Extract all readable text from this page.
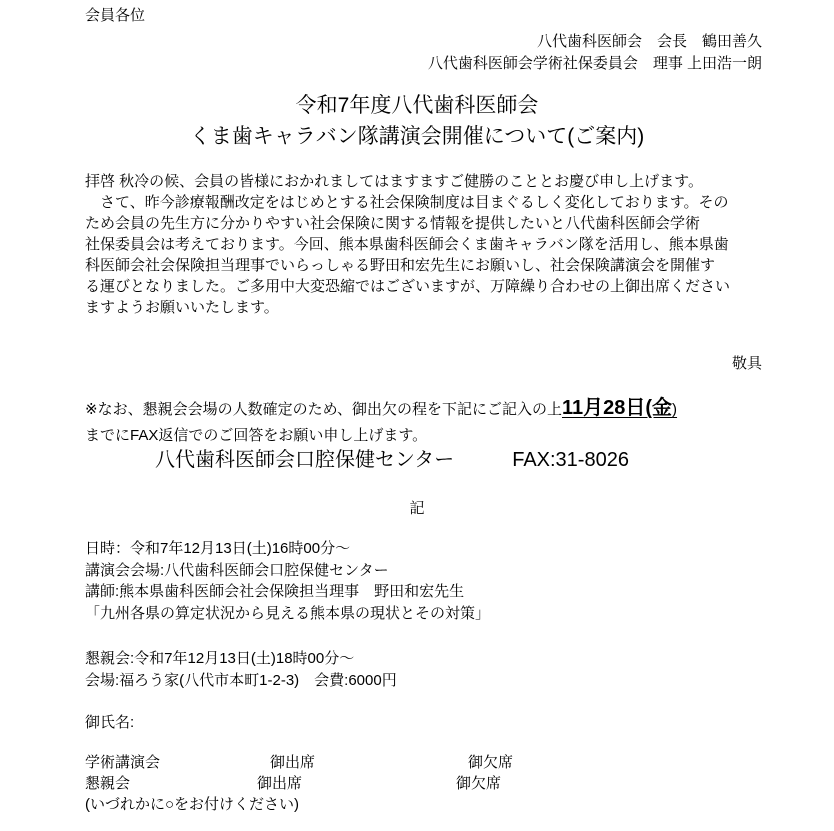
会員各位
八代歯科医師会　会長　鶴田善久
八代歯科医師会学術社保委員会　理事 上田浩一朗
令和7年度八代歯科医師会
くま歯キャラバン隊講演会開催について(ご案内)
拝啓 秋冷の候、会員の皆様におかれましてはますますご健勝のこととお慶び申し上げます。
　さて、昨今診療報酬改定をはじめとする社会保険制度は目まぐるしく変化しております。その
ため会員の先生方に分かりやすい社会保険に関する情報を提供したいと八代歯科医師会学術
社保委員会は考えております。今回、熊本県歯科医師会くま歯キャラバン隊を活用し、熊本県歯
科医師会社会保険担当理事でいらっしゃる野田和宏先生にお願いし、社会保険講演会を開催す
る運びとなりました。ご多用中大変恐縮ではございますが、万障繰り合わせの上御出席ください
ますようお願いいたします。
敬具
※なお、懇親会会場の人数確定のため、御出欠の程を下記にご記入の上11月28日(金)
までにFAX返信でのご回答をお願い申し上げます。
八代歯科医師会口腔保健センター	FAX:31-8026
記
日時：令和7年12月13日(土)16時00分～
講演会会場:八代歯科医師会口腔保健センター
講師:熊本県歯科医師会社会保険担当理事　野田和宏先生
「九州各県の算定状況から見える熊本県の現状とその対策」
懇親会:令和7年12月13日(土)18時00分～
会場:福ろう家(八代市本町1-2-3)　会費:6000円
御氏名:
学術講演会	御出席	御欠席
懇親会	御出席	御欠席
(いづれかに○をお付けください)
